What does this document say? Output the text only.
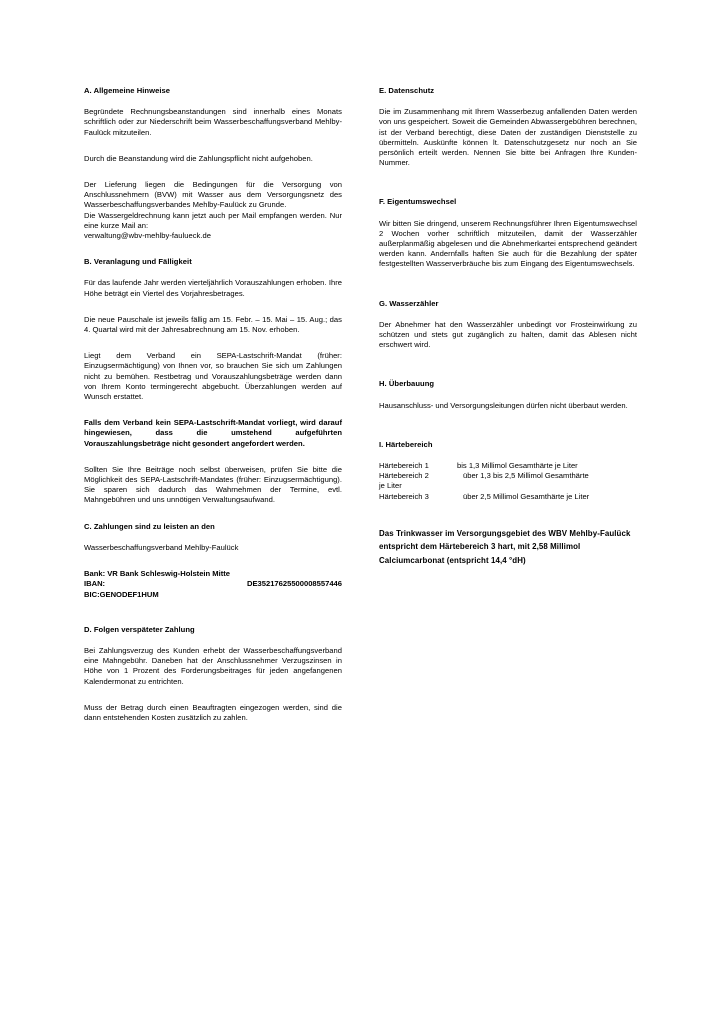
A. Allgemeine Hinweise

Begründete Rechnungsbeanstandungen sind innerhalb eines Monats schriftlich oder zur Niederschrift beim Wasserbeschaffungsverband Mehlby-Faulück mitzuteilen.

Durch die Beanstandung wird die Zahlungspflicht nicht aufgehoben.

Der Lieferung liegen die Bedingungen für die Versorgung von Anschlussnehmern (BVW) mit Wasser aus dem Versorgungsnetz des Wasserbeschaffungsverbandes Mehlby-Faulück zu Grunde.

Die Wassergeldrechnung kann jetzt auch per Mail empfangen werden. Nur eine kurze Mail an:

verwaltung@wbv-mehlby-faulueck.de

B. Veranlagung und Fälligkeit

Für das laufende Jahr werden vierteljährlich Vorauszahlungen erhoben. Ihre Höhe beträgt ein Viertel des Vorjahresbetrages.

Die neue Pauschale ist jeweils fällig am 15. Febr. – 15. Mai – 15. Aug.; das 4. Quartal wird mit der Jahresabrechnung am 15. Nov. erhoben.

Liegt dem Verband ein SEPA-Lastschrift-Mandat (früher: Einzugsermächtigung) von Ihnen vor, so brauchen Sie sich um Zahlungen nicht zu bemühen. Restbetrag und Vorauszahlungsbeträge werden dann von Ihrem Konto termingerecht abgebucht. Überzahlungen werden auf Wunsch erstattet.

Falls dem Verband kein SEPA-Lastschrift-Mandat vorliegt, wird darauf hingewiesen, dass die umstehend aufgeführten Vorauszahlungsbeträge nicht gesondert angefordert werden.

Sollten Sie Ihre Beiträge noch selbst überweisen, prüfen Sie bitte die Möglichkeit des SEPA-Lastschrift-Mandates (früher: Einzugsermächtigung). Sie sparen sich dadurch das Wahrnehmen der Termine, evtl. Mahngebühren und uns unnötigen Verwaltungsaufwand.

C. Zahlungen sind zu leisten an den

Wasserbeschaffungsverband Mehlby-Faulück

Bank: VR Bank Schleswig-Holstein Mitte
IBAN:	DE35217625500008557446
BIC:GENODEF1HUM
D. Folgen verspäteter Zahlung

Bei Zahlungsverzug des Kunden erhebt der Wasserbeschaffungsverband eine Mahngebühr. Daneben hat der Anschlussnehmer Verzugszinsen in Höhe von 1 Prozent des Forderungsbeitrages für jeden angefangenen Kalendermonat zu entrichten.

Muss der Betrag durch einen Beauftragten eingezogen werden, sind die dann entstehenden Kosten zusätzlich zu zahlen.

E. Datenschutz

Die im Zusammenhang mit Ihrem Wasserbezug anfallenden Daten werden von uns gespeichert. Soweit die Gemeinden Abwassergebühren berechnen, ist der Verband berechtigt, diese Daten der zuständigen Dienststelle zu übermitteln. Auskünfte können lt. Datenschutzgesetz nur noch an Sie persönlich erteilt werden. Nennen Sie bitte bei Anfragen Ihre Kunden-Nummer.

F. Eigentumswechsel

Wir bitten Sie dringend, unserem Rechnungsführer Ihren Eigentumswechsel 2 Wochen vorher schriftlich mitzuteilen, damit der Wasserzähler außerplanmäßig abgelesen und die Abnehmerkartei entsprechend geändert werden kann. Andernfalls haften Sie auch für die Bezahlung der später festgestellten Wasserverbräuche bis zum Eingang des Eigentumswechsels.

G. Wasserzähler

Der Abnehmer hat den Wasserzähler unbedingt vor Frosteinwirkung zu schützen und stets gut zugänglich zu halten, damit das Ablesen nicht erschwert wird.

H. Überbauung

Hausanschluss- und Versorgungsleitungen dürfen nicht überbaut werden.

I. Härtebereich
Härtebereich 1	bis 1,3 Millimol Gesamthärte je Liter
Härtebereich 2	über 1,3 bis 2,5 Millimol Gesamthärte
je Liter
Härtebereich 3	über 2,5 Millimol Gesamthärte je Liter

Das Trinkwasser im Versorgungsgebiet des WBV Mehlby-Faulück entspricht dem Härtebereich 3 hart, mit 2,58 Millimol Calciumcarbonat (entspricht 14,4 °dH)
